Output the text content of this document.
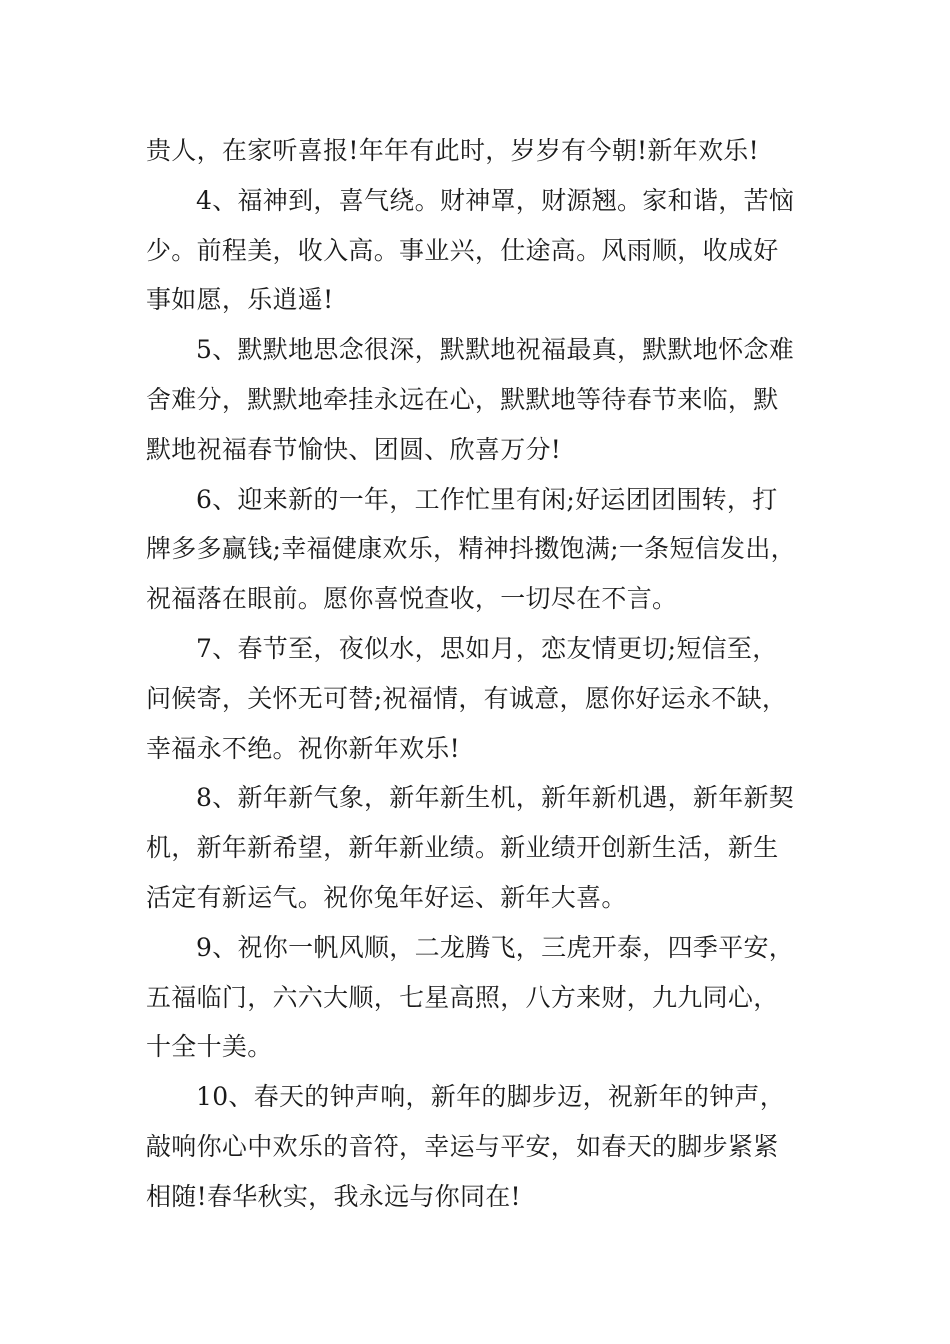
贵人，在家听喜报!年年有此时，岁岁有今朝!新年欢乐!
4、福神到，喜气绕。财神罩，财源翘。家和谐，苦恼
少。前程美，收入高。事业兴，仕途高。风雨顺，收成好
事如愿，乐逍遥!
5、默默地思念很深，默默地祝福最真，默默地怀念难
舍难分，默默地牵挂永远在心，默默地等待春节来临，默
默地祝福春节愉快、团圆、欣喜万分!
6、迎来新的一年，工作忙里有闲;好运团团围转，打
牌多多赢钱;幸福健康欢乐，精神抖擞饱满;一条短信发出，
祝福落在眼前。愿你喜悦查收，一切尽在不言。
7、春节至，夜似水，思如月，恋友情更切;短信至，
问候寄，关怀无可替;祝福情，有诚意，愿你好运永不缺，
幸福永不绝。祝你新年欢乐!
8、新年新气象，新年新生机，新年新机遇，新年新契
机，新年新希望，新年新业绩。新业绩开创新生活，新生
活定有新运气。祝你兔年好运、新年大喜。
9、祝你一帆风顺，二龙腾飞，三虎开泰，四季平安，
五福临门，六六大顺，七星高照，八方来财，九九同心，
十全十美。
10、春天的钟声响，新年的脚步迈，祝新年的钟声，
敲响你心中欢乐的音符，幸运与平安，如春天的脚步紧紧
相随!春华秋实，我永远与你同在!
